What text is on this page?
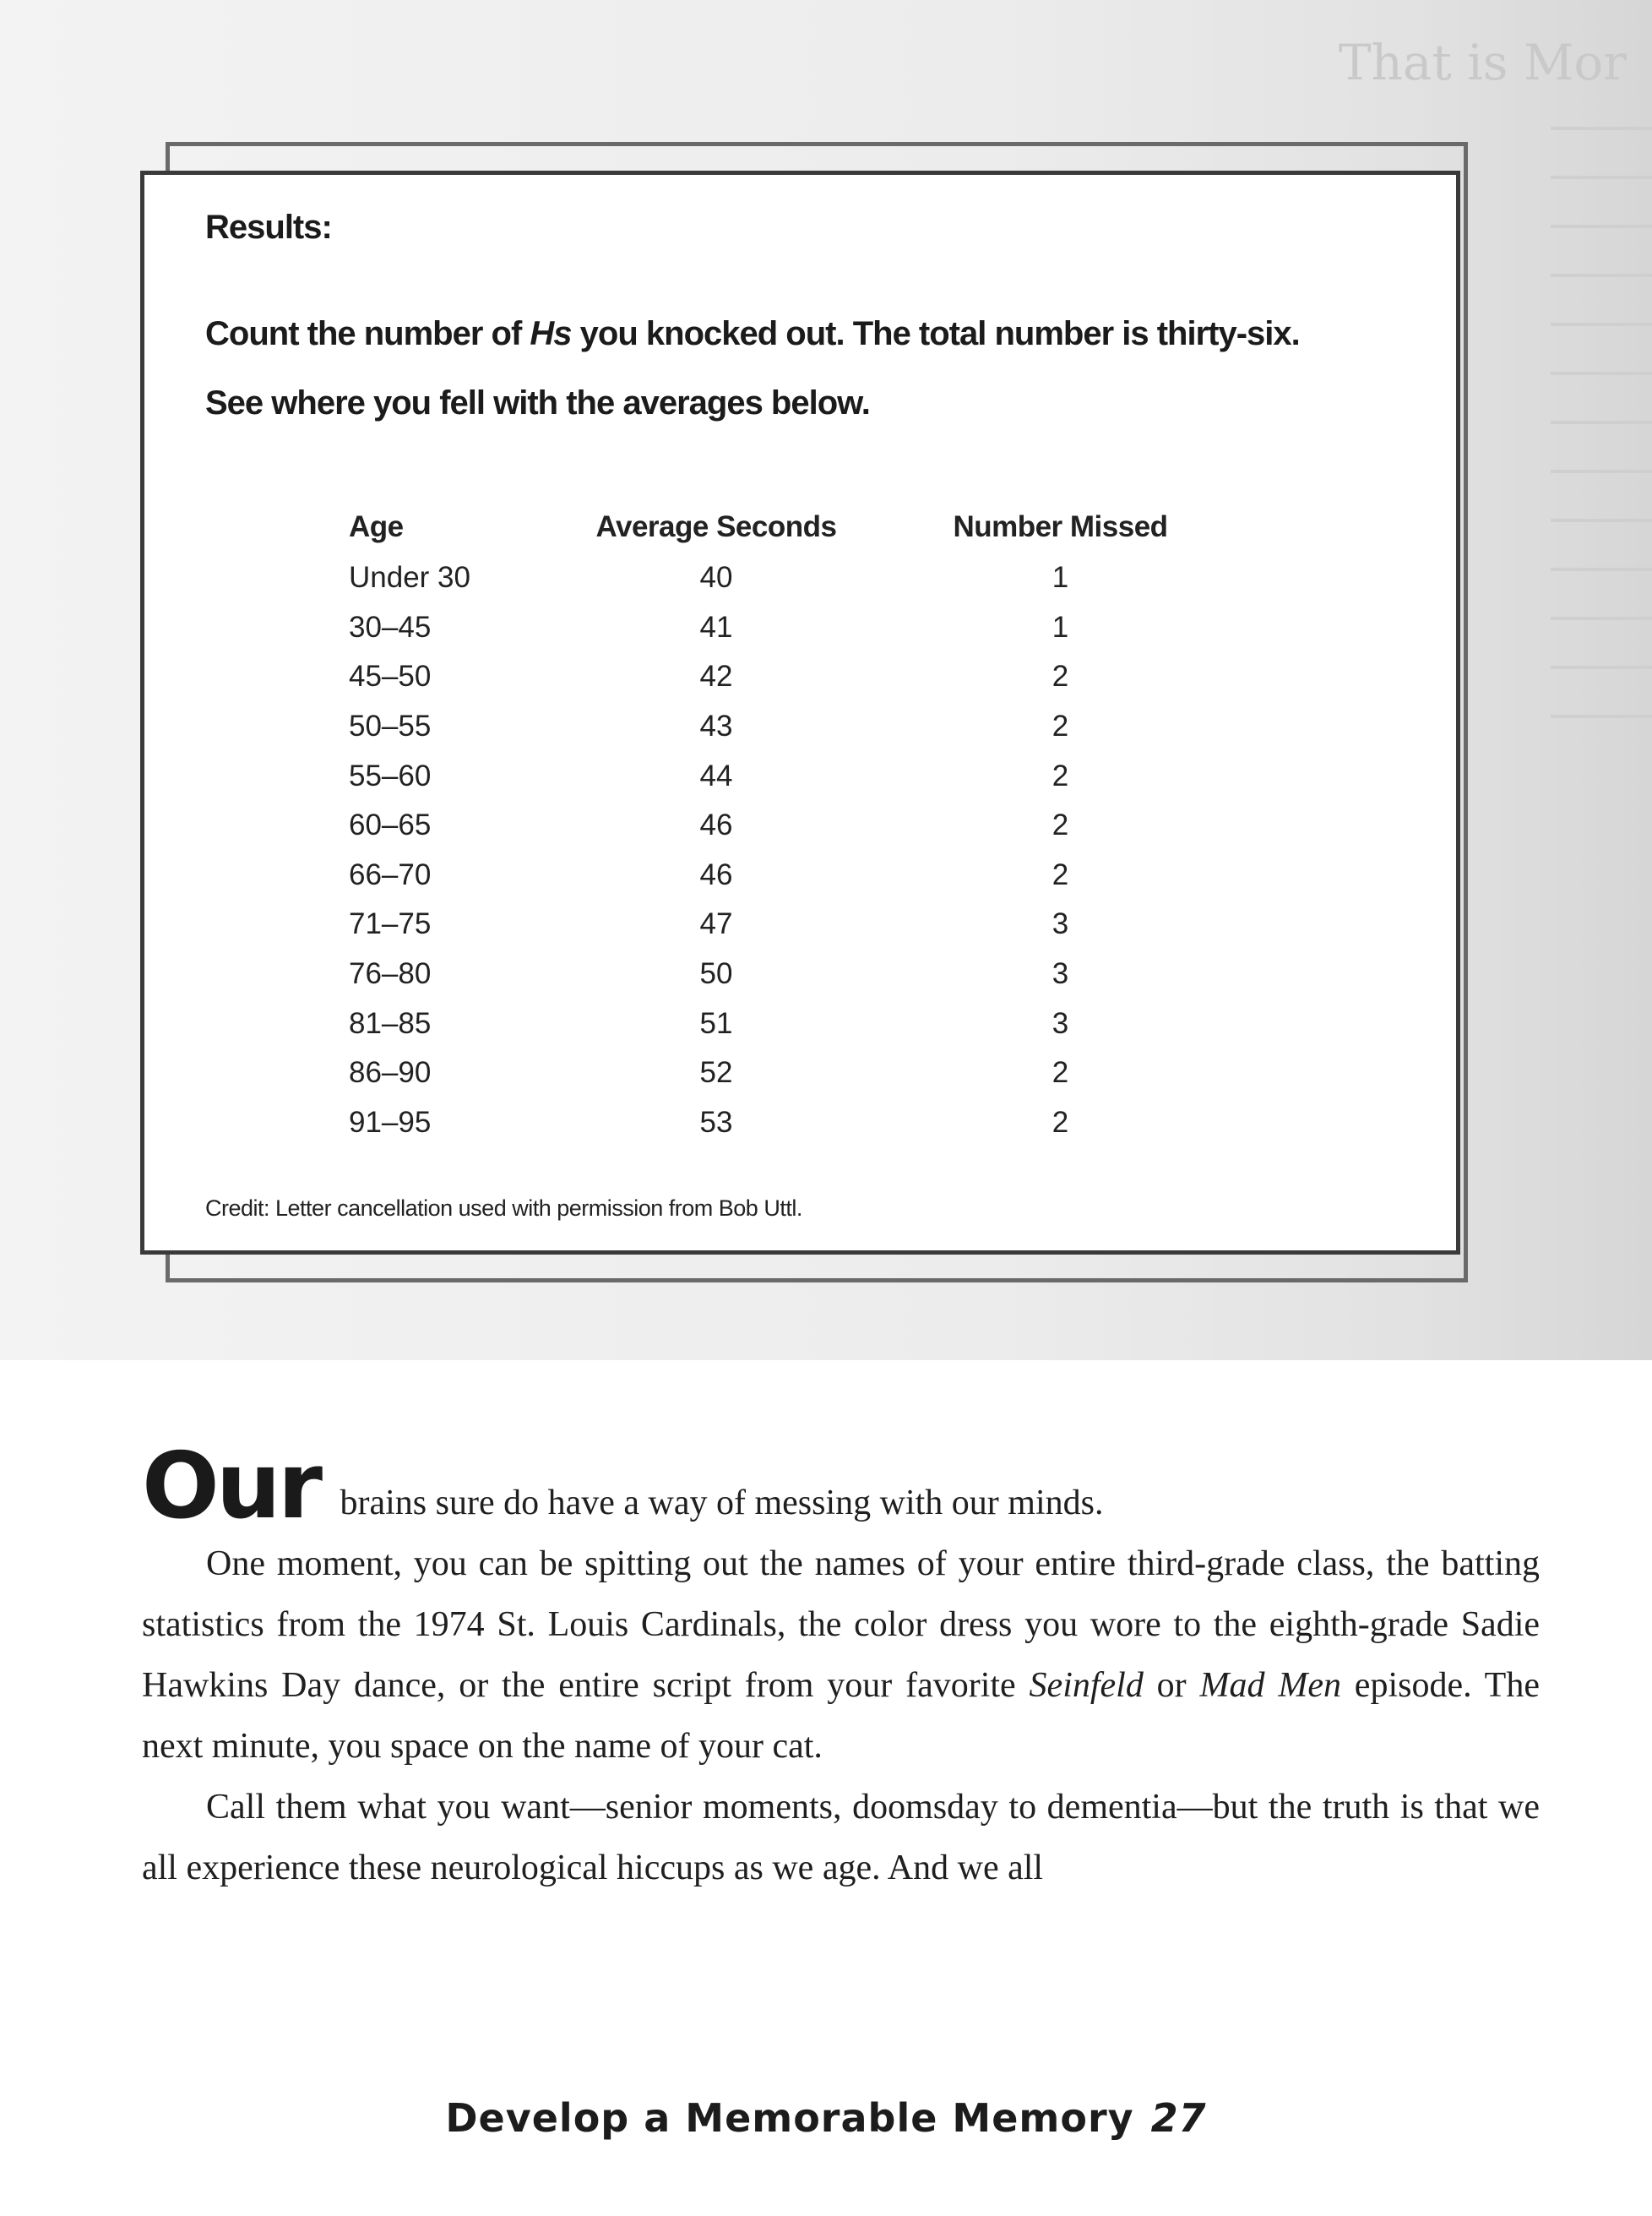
That is Mor
Results:
Count the number of Hs you knocked out. The total number is thirty-six.
See where you fell with the averages below.
Age	Average Seconds	Number Missed
Under 30	40	1
30–45	41	1
45–50	42	2
50–55	43	2
55–60	44	2
60–65	46	2
66–70	46	2
71–75	47	3
76–80	50	3
81–85	51	3
86–90	52	2
91–95	53	2
Credit: Letter cancellation used with permission from Bob Uttl.

Our brains sure do have a way of messing with our minds.

One moment, you can be spitting out the names of your entire third-grade class, the batting statistics from the 1974 St. Louis Cardinals, the color dress you wore to the eighth-grade Sadie Hawkins Day dance, or the entire script from your favorite Seinfeld or Mad Men episode. The next minute, you space on the name of your cat.

Call them what you want—senior moments, doomsday to dementia—but the truth is that we all experience these neurological hiccups as we age. And we all

Develop a Memorable Memory 27
